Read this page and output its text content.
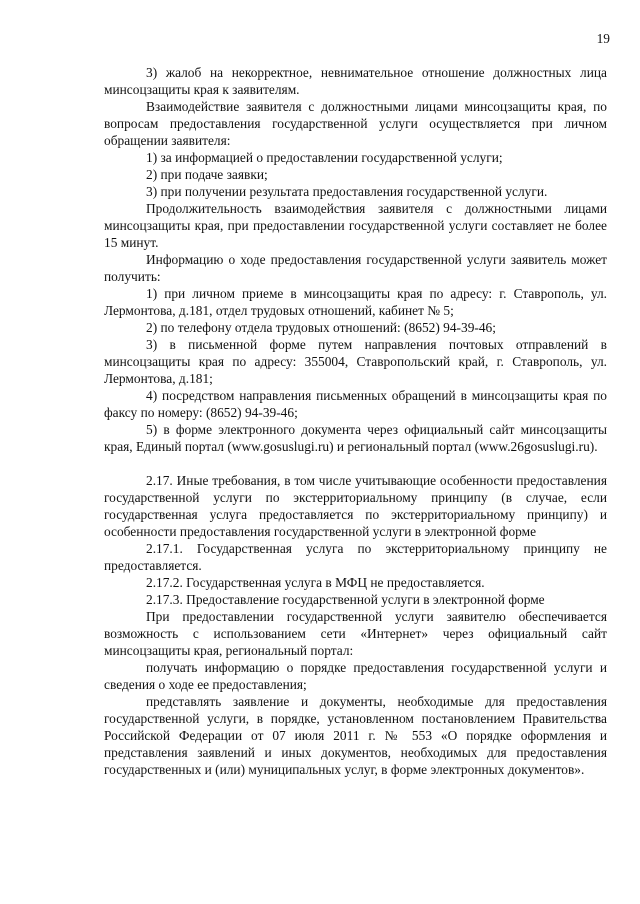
19

3) жалоб на некорректное, невнимательное отношение должностных лица минсоцзащиты края к заявителям.

Взаимодействие заявителя с должностными лицами минсоцзащиты края, по вопросам предоставления государственной услуги осуществляется при личном обращении заявителя:

1) за информацией о предоставлении государственной услуги;

2) при подаче заявки;

3) при получении результата предоставления государственной услуги.

Продолжительность взаимодействия заявителя с должностными лицами минсоцзащиты края, при предоставлении государственной услуги составляет не более 15 минут.

Информацию о ходе предоставления государственной услуги заявитель может получить:

1) при личном приеме в минсоцзащиты края по адресу: г. Ставрополь, ул. Лермонтова, д.181, отдел трудовых отношений, кабинет № 5;

2) по телефону отдела трудовых отношений: (8652) 94-39-46;

3) в письменной форме путем направления почтовых отправлений в минсоцзащиты края по адресу: 355004, Ставропольский край, г. Ставрополь, ул. Лермонтова, д.181;

4) посредством направления письменных обращений в минсоцзащиты края по факсу по номеру: (8652) 94-39-46;

5) в форме электронного документа через официальный сайт минсоцзащиты края, Единый портал (www.gosuslugi.ru) и региональный портал (www.26gosuslugi.ru).

2.17. Иные требования, в том числе учитывающие особенности предоставления государственной услуги по экстерриториальному принципу (в случае, если государственная услуга предоставляется по экстерриториальному принципу) и особенности предоставления государственной услуги в электронной форме

2.17.1. Государственная услуга по экстерриториальному принципу не предоставляется.

2.17.2. Государственная услуга в МФЦ не предоставляется.

2.17.3. Предоставление государственной услуги в электронной форме

При предоставлении государственной услуги заявителю обеспечивается возможность с использованием сети «Интернет» через официальный сайт минсоцзащиты края, региональный портал:

получать информацию о порядке предоставления государственной услуги и сведения о ходе ее предоставления;

представлять заявление и документы, необходимые для предоставления государственной услуги, в порядке, установленном постановлением Правительства Российской Федерации от 07 июля 2011 г. № 553 «О порядке оформления и представления заявлений и иных документов, необходимых для предоставления государственных и (или) муниципальных услуг, в форме электронных документов».
